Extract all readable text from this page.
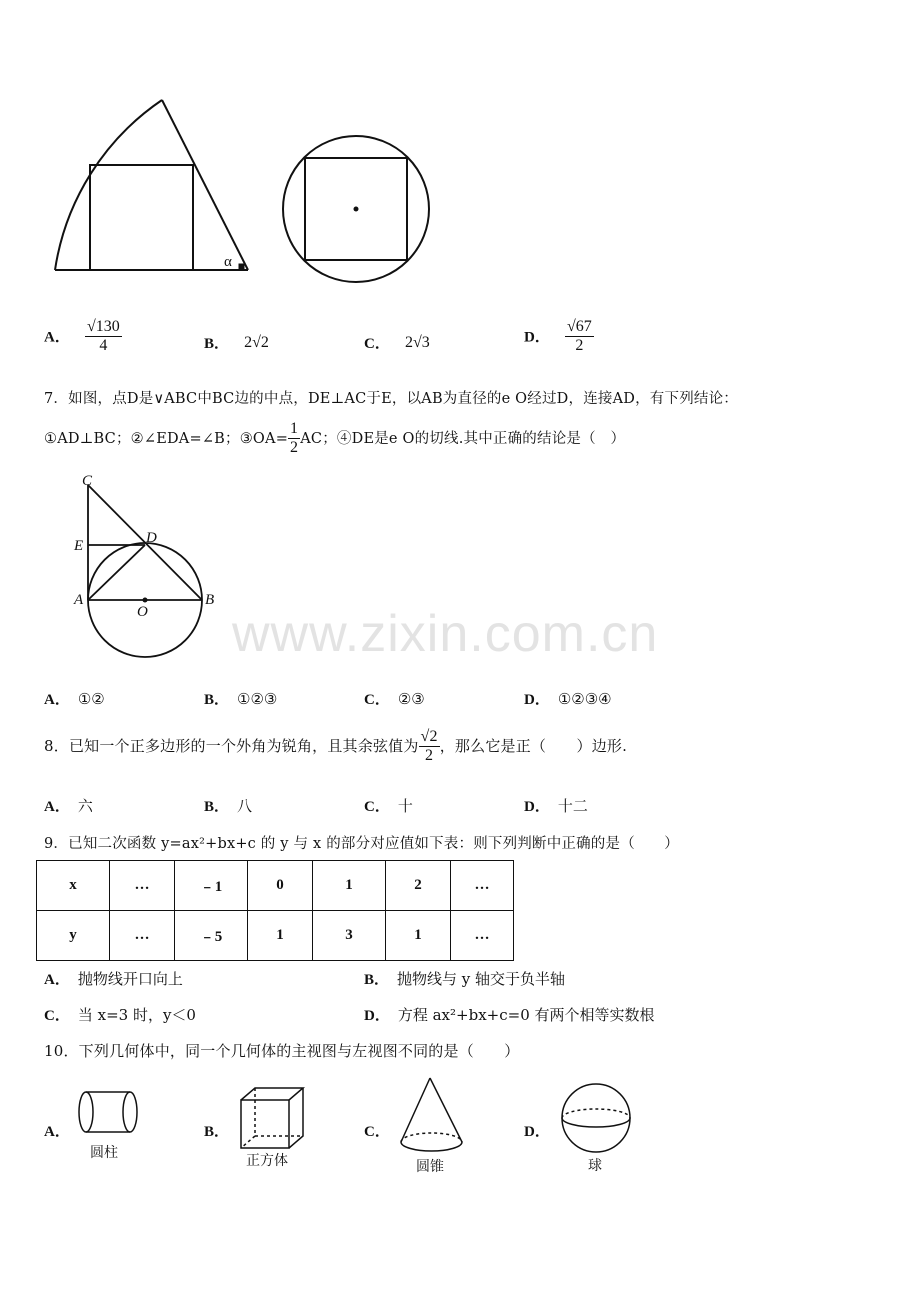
www.zixin.com.cn
α
A． $\frac{√130}{4}$	B． 2√2	C． 2√3	D． $\frac{√67}{2}$
7．如图，点D是∨ABC中BC边的中点，DE⊥AC于E，以AB为直径的e O经过D，连接AD，有下列结论：
①AD⊥BC；②∠EDA=∠B；③OA= $\frac{1}{2}$ AC；④DE是e O的切线.其中正确的结论是（　）
C
E	D
A
O
B
A． ①②	B． ①②③	C． ②③	D． ①②③④
8．已知一个正多边形的一个外角为锐角，且其余弦值为 $\frac{√2}{2}$ ，那么它是正（　　）边形.
A． 六	B． 八	C． 十	D． 十二
9．已知二次函数 y=ax²+bx+c 的 y 与 x 的部分对应值如下表：则下列判断中正确的是（　　）
x	…	﹣1	0	1	2	…
y	…	﹣5	1	3	1	…
A． 抛物线开口向上	B． 抛物线与 y 轴交于负半轴
C． 当 x=3 时，y＜0	D． 方程 ax²+bx+c=0 有两个相等实数根
10．下列几何体中，同一个几何体的主视图与左视图不同的是（　　）
A．
圆柱
B．
正方体
C．
圆锥
D．
球
